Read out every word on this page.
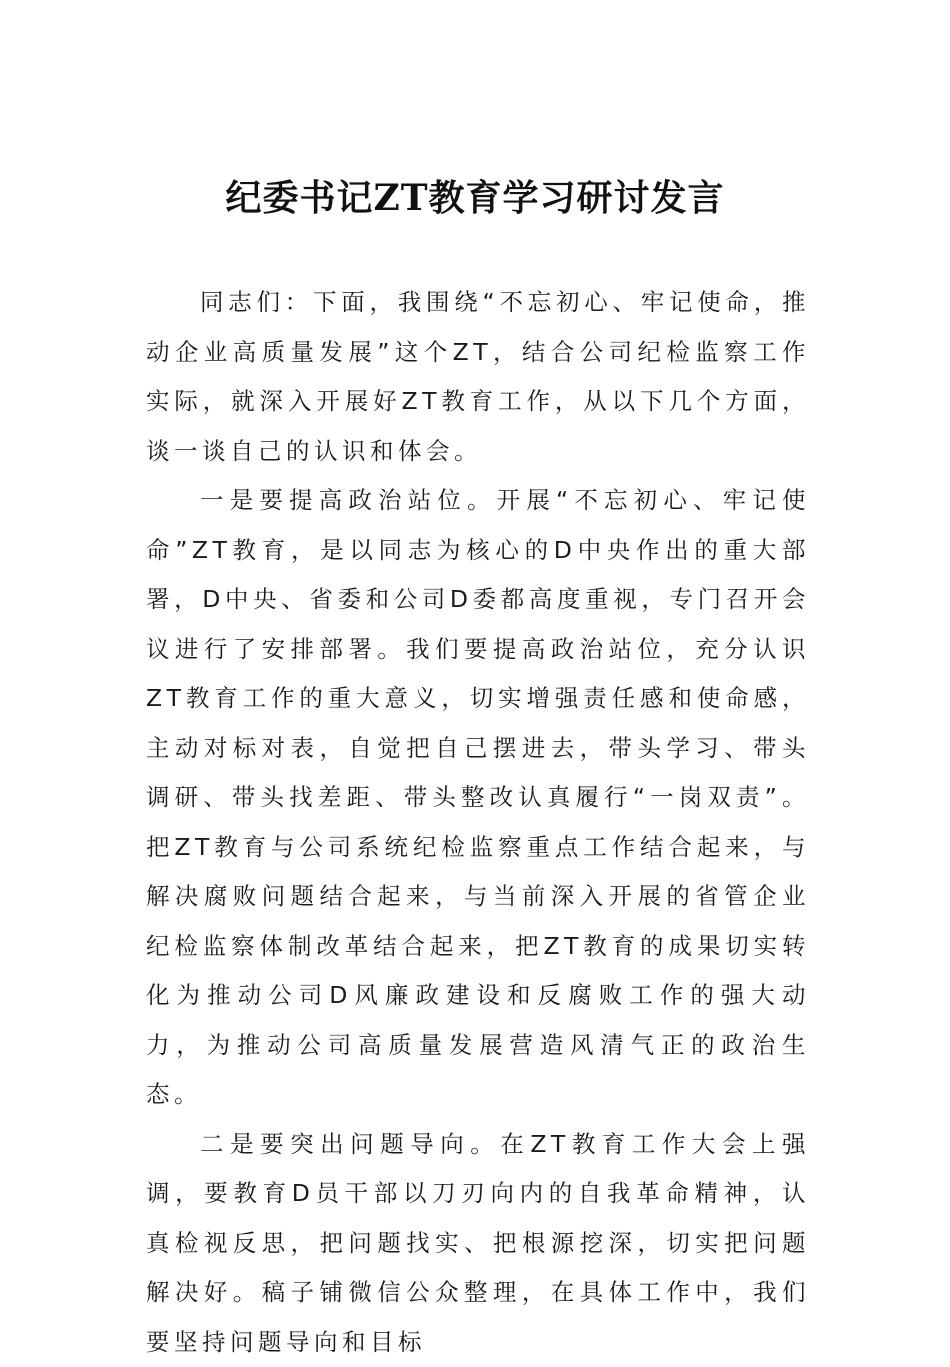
纪委书记ZT教育学习研讨发言

同志们：下面，我围绕“不忘初心、牢记使命，推动企业高质量发展”这个ZT，结合公司纪检监察工作实际，就深入开展好ZT教育工作，从以下几个方面，谈一谈自己的认识和体会。

一是要提高政治站位。开展“不忘初心、牢记使命”ZT教育，是以同志为核心的D中央作出的重大部署，D中央、省委和公司D委都高度重视，专门召开会议进行了安排部署。我们要提高政治站位，充分认识ZT教育工作的重大意义，切实增强责任感和使命感，主动对标对表，自觉把自己摆进去，带头学习、带头调研、带头找差距、带头整改认真履行“一岗双责”。把ZT教育与公司系统纪检监察重点工作结合起来，与解决腐败问题结合起来，与当前深入开展的省管企业纪检监察体制改革结合起来，把ZT教育的成果切实转化为推动公司D风廉政建设和反腐败工作的强大动力，为推动公司高质量发展营造风清气正的政治生态。

二是要突出问题导向。在ZT教育工作大会上强调，要教育D员干部以刀刃向内的自我革命精神，认真检视反思，把问题找实、把根源挖深，切实把问题解决好。稿子铺微信公众整理，在具体工作中，我们要坚持问题导向和目标
